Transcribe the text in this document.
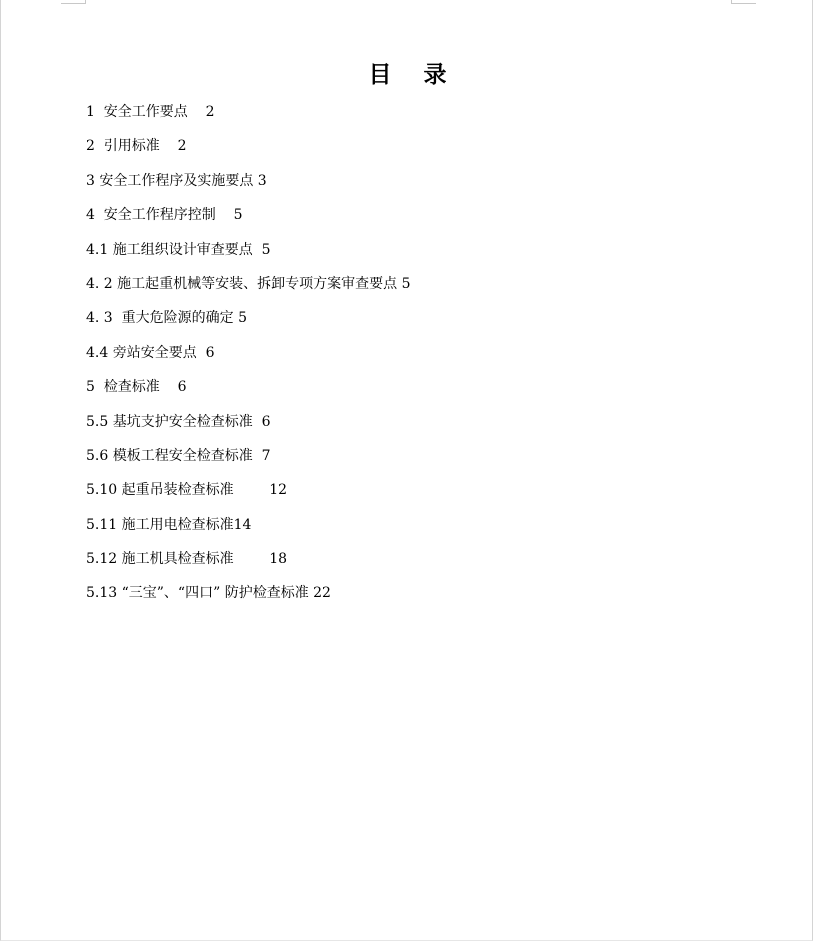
目    录
1  安全工作要点    2
2  引用标准    2
3 安全工作程序及实施要点 3
4  安全工作程序控制    5
4.1 施工组织设计审查要点  5
4. 2 施工起重机械等安装、拆卸专项方案审查要点 5
4. 3  重大危险源的确定 5
4.4 旁站安全要点  6
5  检查标准    6
5.5 基坑支护安全检查标准  6
5.6 模板工程安全检查标准  7
5.10 起重吊装检查标准        12
5.11 施工用电检查标准14
5.12 施工机具检查标准        18
5.13 “三宝”、“四口” 防护检查标准 22
